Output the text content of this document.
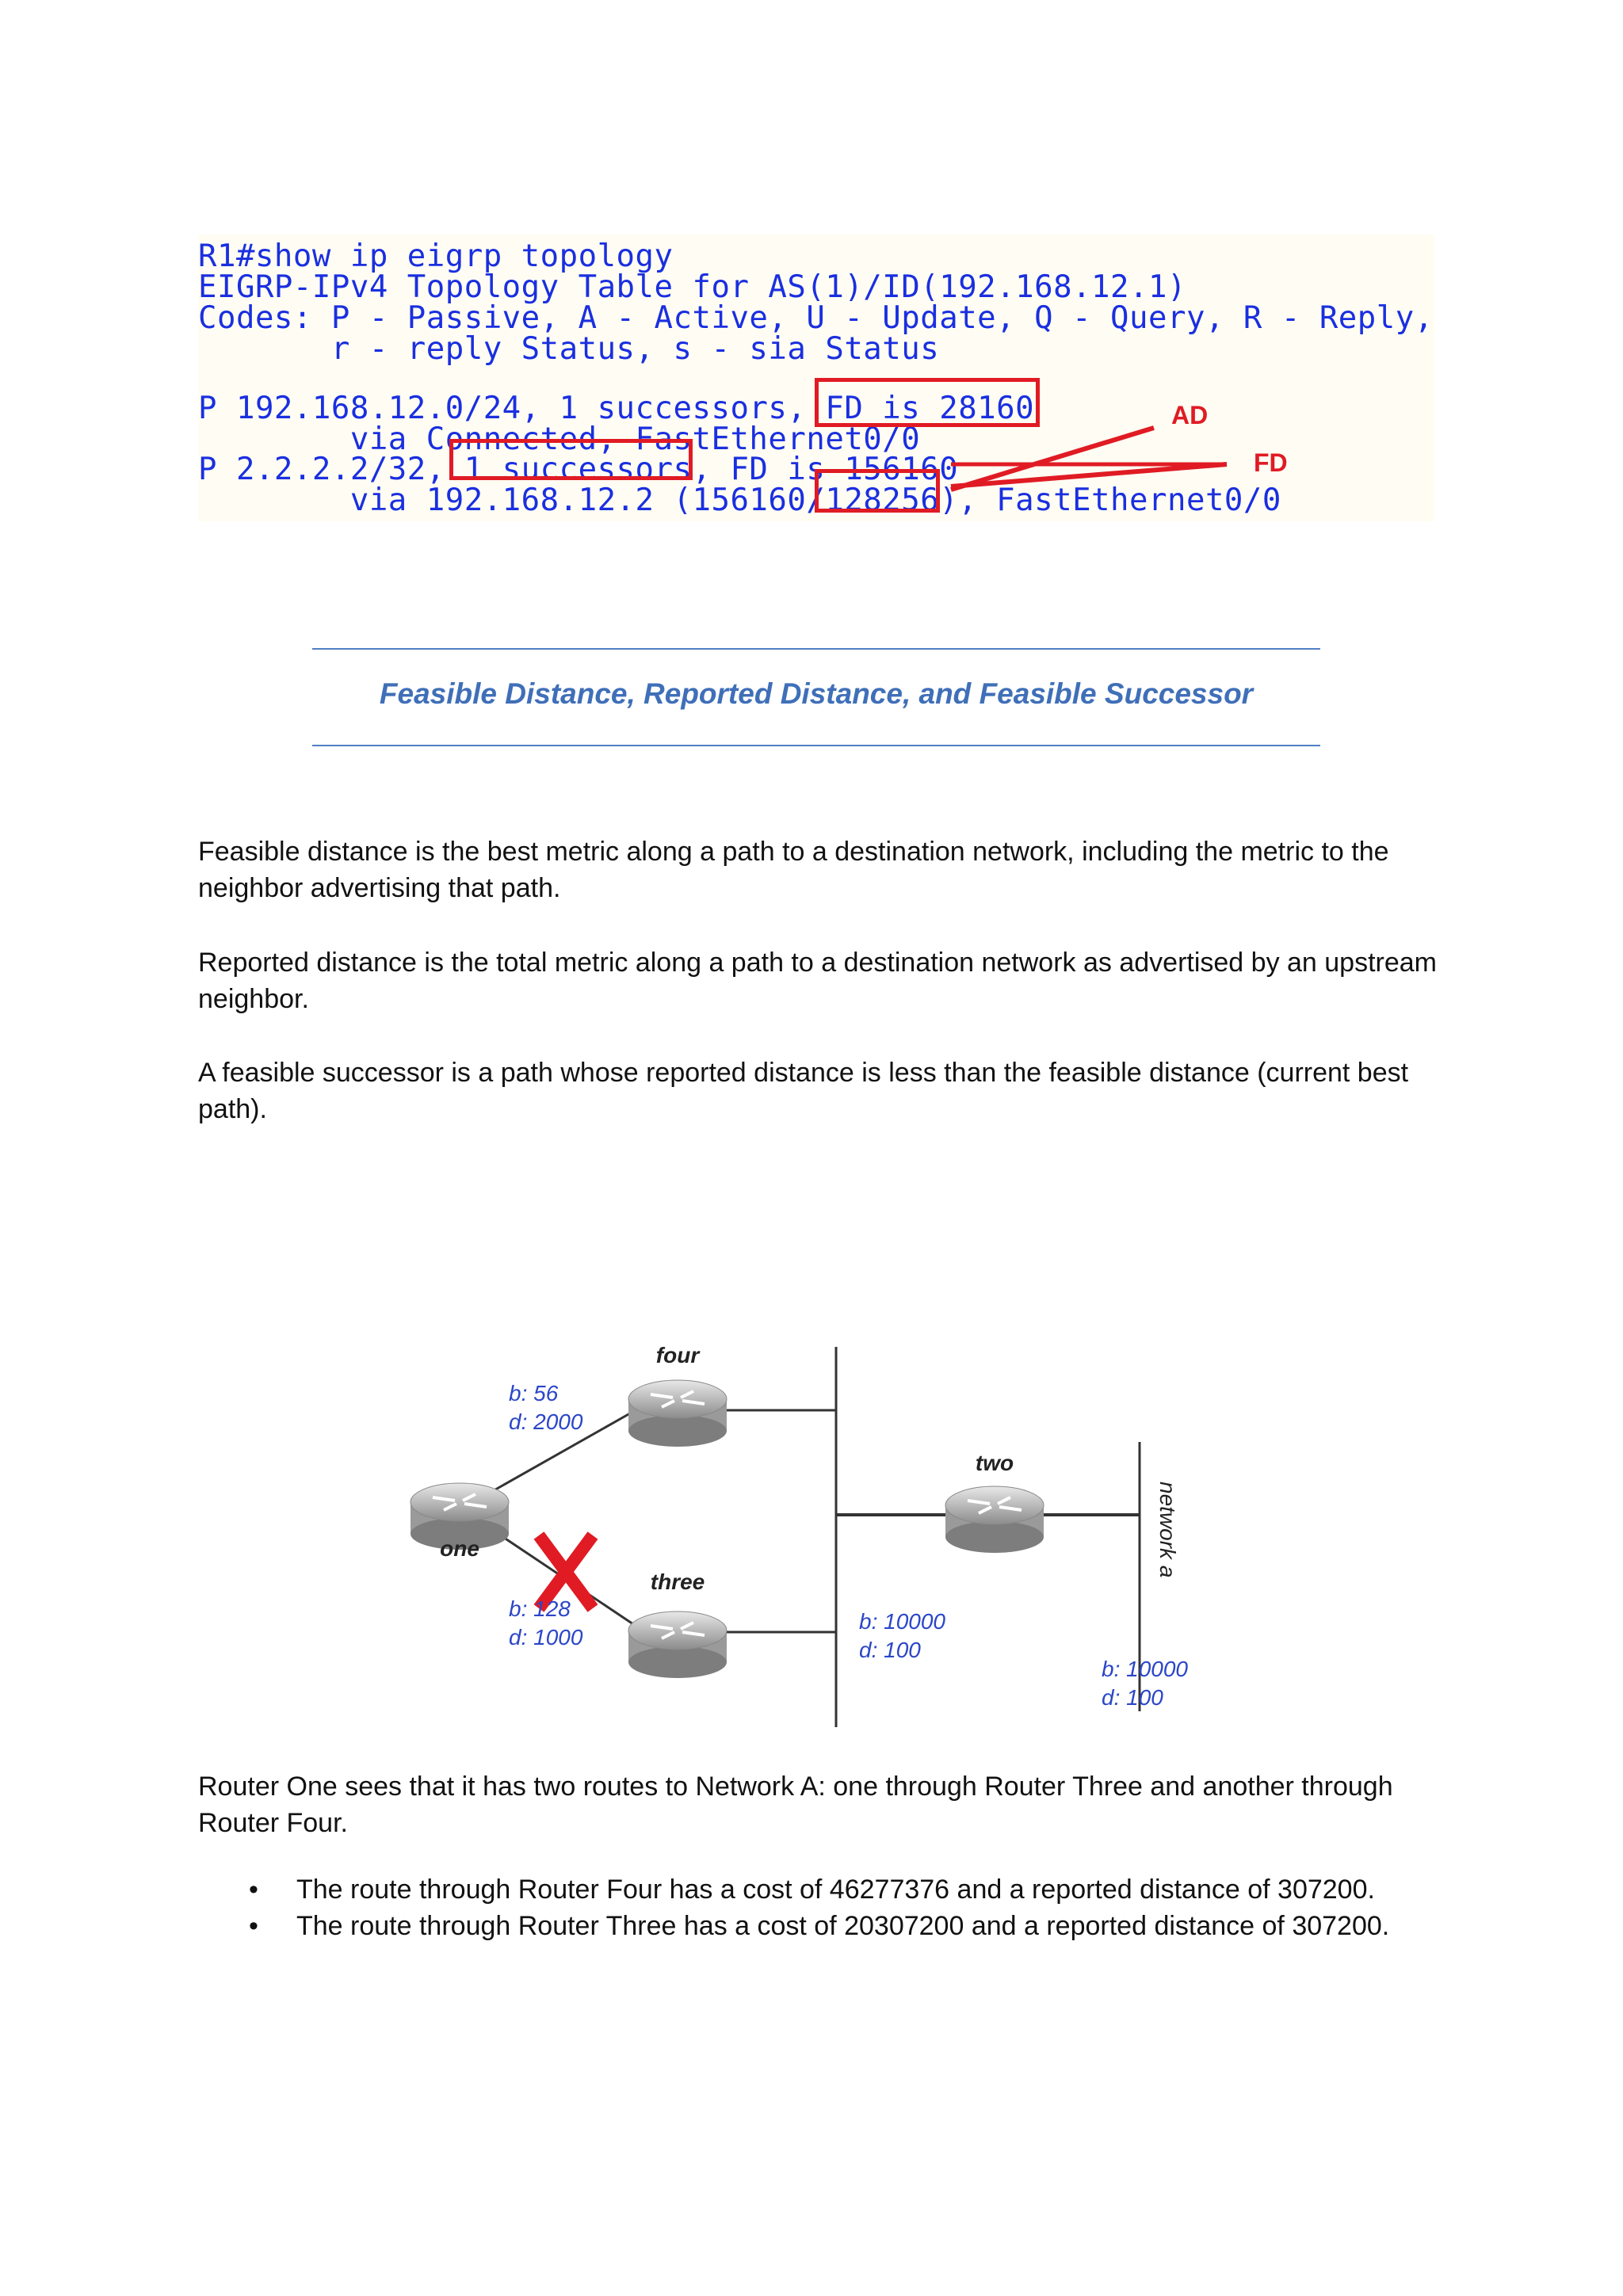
R1#show ip eigrp topology
EIGRP-IPv4 Topology Table for AS(1)/ID(192.168.12.1)
Codes: P - Passive, A - Active, U - Update, Q - Query, R - Reply,
r - reply Status, s - sia Status
P 192.168.12.0/24, 1 successors, FD is 28160
via Connected, FastEthernet0/0
P 2.2.2.2/32, 1 successors, FD is 156160
via 192.168.12.2 (156160/128256), FastEthernet0/0
AD
FD
Feasible Distance, Reported Distance, and Feasible Successor
Feasible distance is the best metric along a path to a destination network, including the metric to the neighbor advertising that path.
Reported distance is the total metric along a path to a destination network as advertised by an upstream neighbor.
A feasible successor is a path whose reported distance is less than the feasible distance (current best path).
four
one
three
two
network a
b: 56
d: 2000
b: 128
d: 1000
b: 10000
d: 100
b: 10000
d: 100
Router One sees that it has two routes to Network A: one through Router Three and another through Router Four.
• The route through Router Four has a cost of 46277376 and a reported distance of 307200.
• The route through Router Three has a cost of 20307200 and a reported distance of 307200.
